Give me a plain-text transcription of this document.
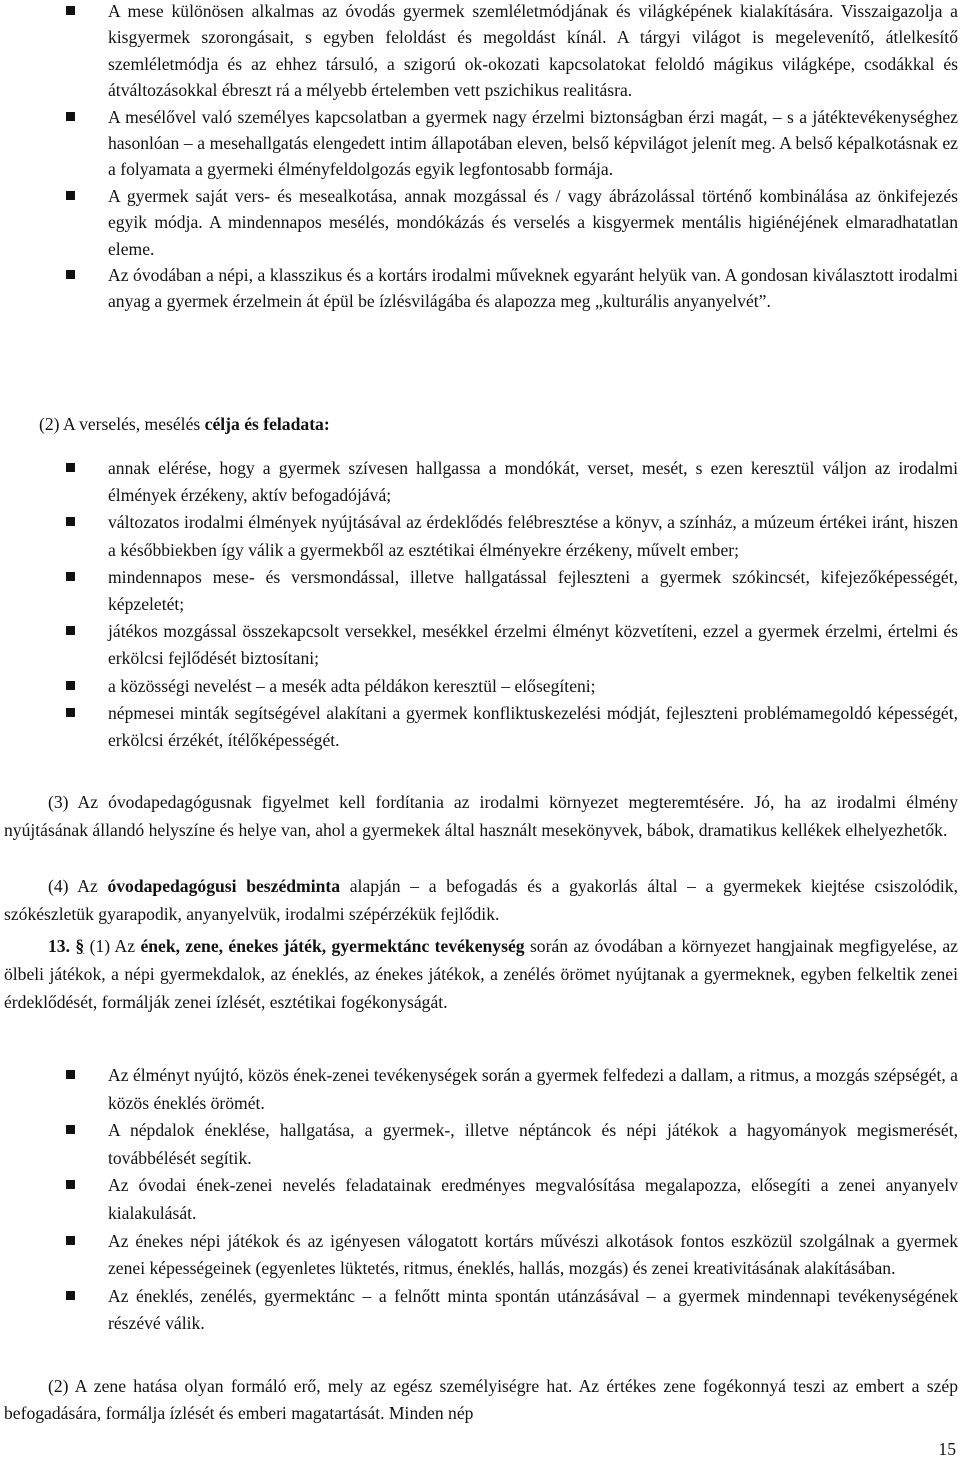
A mese különösen alkalmas az óvodás gyermek szemléletmódjának és világképének kialakítására. Visszaigazolja a kisgyermek szorongásait, s egyben feloldást és megoldást kínál. A tárgyi világot is megelevenítő, átlelkesítő szemléletmódja és az ehhez társuló, a szigorú ok-okozati kapcsolatokat feloldó mágikus világképe, csodákkal és átváltozásokkal ébreszt rá a mélyebb értelemben vett pszichikus realitásra.
A mesélővel való személyes kapcsolatban a gyermek nagy érzelmi biztonságban érzi magát, – s a játéktevékenységhez hasonlóan – a mesehallgatás elengedett intim állapotában eleven, belső képvilágot jelenít meg. A belső képalkotásnak ez a folyamata a gyermeki élményfeldolgozás egyik legfontosabb formája.
A gyermek saját vers- és mesealkotása, annak mozgással és / vagy ábrázolással történő kombinálása az önkifejezés egyik módja. A mindennapos mesélés, mondókázás és verselés a kisgyermek mentális higiénéjének elmaradhatatlan eleme.
Az óvodában a népi, a klasszikus és a kortárs irodalmi műveknek egyaránt helyük van. A gondosan kiválasztott irodalmi anyag a gyermek érzelmein át épül be ízlésvilágába és alapozza meg „kulturális anyanyelvét”.

(2) A verselés, mesélés célja és feladata:

annak elérése, hogy a gyermek szívesen hallgassa a mondókát, verset, mesét, s ezen keresztül váljon az irodalmi élmények érzékeny, aktív befogadójává;
változatos irodalmi élmények nyújtásával az érdeklődés felébresztése a könyv, a színház, a múzeum értékei iránt, hiszen a későbbiekben így válik a gyermekből az esztétikai élményekre érzékeny, művelt ember;
mindennapos mese- és versmondással, illetve hallgatással fejleszteni a gyermek szókincsét, kifejezőképességét, képzeletét;
játékos mozgással összekapcsolt versekkel, mesékkel érzelmi élményt közvetíteni, ezzel a gyermek érzelmi, értelmi és erkölcsi fejlődését biztosítani;
a közösségi nevelést – a mesék adta példákon keresztül – elősegíteni;
népmesei minták segítségével alakítani a gyermek konfliktuskezelési módját, fejleszteni problémamegoldó képességét, erkölcsi érzékét, ítélőképességét.

(3) Az óvodapedagógusnak figyelmet kell fordítania az irodalmi környezet megteremtésére. Jó, ha az irodalmi élmény nyújtásának állandó helyszíne és helye van, ahol a gyermekek által használt mesekönyvek, bábok, dramatikus kellékek elhelyezhetők.

(4) Az óvodapedagógusi beszédminta alapján – a befogadás és a gyakorlás által – a gyermekek kiejtése csiszolódik, szókészletük gyarapodik, anyanyelvük, irodalmi szépérzékük fejlődik.

13. § (1) Az ének, zene, énekes játék, gyermektánc tevékenység során az óvodában a környezet hangjainak megfigyelése, az ölbeli játékok, a népi gyermekdalok, az éneklés, az énekes játékok, a zenélés örömet nyújtanak a gyermeknek, egyben felkeltik zenei érdeklődését, formálják zenei ízlését, esztétikai fogékonyságát.

Az élményt nyújtó, közös ének-zenei tevékenységek során a gyermek felfedezi a dallam, a ritmus, a mozgás szépségét, a közös éneklés örömét.
A népdalok éneklése, hallgatása, a gyermek-, illetve néptáncok és népi játékok a hagyományok megismerését, továbbélését segítik.
Az óvodai ének-zenei nevelés feladatainak eredményes megvalósítása megalapozza, elősegíti a zenei anyanyelv kialakulását.
Az énekes népi játékok és az igényesen válogatott kortárs művészi alkotások fontos eszközül szolgálnak a gyermek zenei képességeinek (egyenletes lüktetés, ritmus, éneklés, hallás, mozgás) és zenei kreativitásának alakításában.
Az éneklés, zenélés, gyermektánc – a felnőtt minta spontán utánzásával – a gyermek mindennapi tevékenységének részévé válik.

(2) A zene hatása olyan formáló erő, mely az egész személyiségre hat. Az értékes zene fogékonnyá teszi az embert a szép befogadására, formálja ízlését és emberi magatartását. Minden nép

15
